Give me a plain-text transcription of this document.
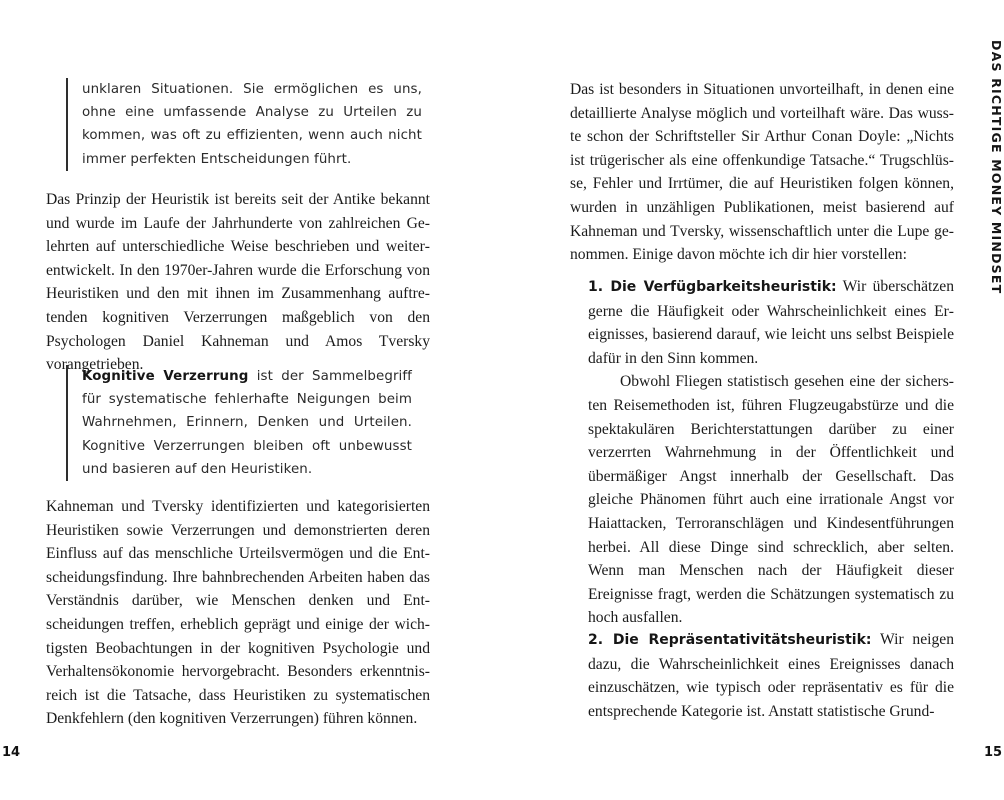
unklaren Situationen. Sie ermöglichen es uns, ohne eine umfassende Analyse zu Urteilen zu kommen, was oft zu effizienten, wenn auch nicht immer perfekten Entscheidungen führt.

Das Prinzip der Heuristik ist bereits seit der Antike bekannt und wurde im Laufe der Jahrhunderte von zahlreichen Gelehrten auf unterschiedliche Weise beschrieben und weiterentwickelt. In den 1970er-Jahren wurde die Erforschung von Heuristiken und den mit ihnen im Zusammenhang auftretenden kognitiven Verzerrungen maßgeblich von den Psychologen Daniel Kahneman und Amos Tversky vorangetrieben.

Kognitive Verzerrung ist der Sammelbegriff für systematische fehlerhafte Neigungen beim Wahrnehmen, Erinnern, Denken und Urteilen. Kognitive Verzerrungen bleiben oft unbewusst und basieren auf den Heuristiken.

Kahneman und Tversky identifizierten und kategorisierten Heuristiken sowie Verzerrungen und demonstrierten deren Einfluss auf das menschliche Urteilsvermögen und die Entscheidungsfindung. Ihre bahnbrechenden Arbeiten haben das Verständnis darüber, wie Menschen denken und Entscheidungen treffen, erheblich geprägt und einige der wichtigsten Beobachtungen in der kognitiven Psychologie und Verhaltensökonomie hervorgebracht. Besonders erkenntnisreich ist die Tatsache, dass Heuristiken zu systematischen Denkfehlern (den kognitiven Verzerrungen) führen können.

14

Das ist besonders in Situationen unvorteilhaft, in denen eine detaillierte Analyse möglich und vorteilhaft wäre. Das wusste schon der Schriftsteller Sir Arthur Conan Doyle: „Nichts ist trügerischer als eine offenkundige Tatsache.“ Trugschlüsse, Fehler und Irrtümer, die auf Heuristiken folgen können, wurden in unzähligen Publikationen, meist basierend auf Kahneman und Tversky, wissenschaftlich unter die Lupe genommen. Einige davon möchte ich dir hier vorstellen:

1. Die Verfügbarkeitsheuristik: Wir überschätzen gerne die Häufigkeit oder Wahrscheinlichkeit eines Ereignisses, basierend darauf, wie leicht uns selbst Beispiele dafür in den Sinn kommen.

Obwohl Fliegen statistisch gesehen eine der sichersten Reisemethoden ist, führen Flugzeugabstürze und die spektakulären Berichterstattungen darüber zu einer verzerrten Wahrnehmung in der Öffentlichkeit und übermäßiger Angst innerhalb der Gesellschaft. Das gleiche Phänomen führt auch eine irrationale Angst vor Haiattacken, Terroranschlägen und Kindesentführungen herbei. All diese Dinge sind schrecklich, aber selten. Wenn man Menschen nach der Häufigkeit dieser Ereignisse fragt, werden die Schätzungen systematisch zu hoch ausfallen.

2. Die Repräsentativitätsheuristik: Wir neigen dazu, die Wahrscheinlichkeit eines Ereignisses danach einzuschätzen, wie typisch oder repräsentativ es für die entsprechende Kategorie ist. Anstatt statistische Grund-

DAS RICHTIGE MONEY MINDSET
15
